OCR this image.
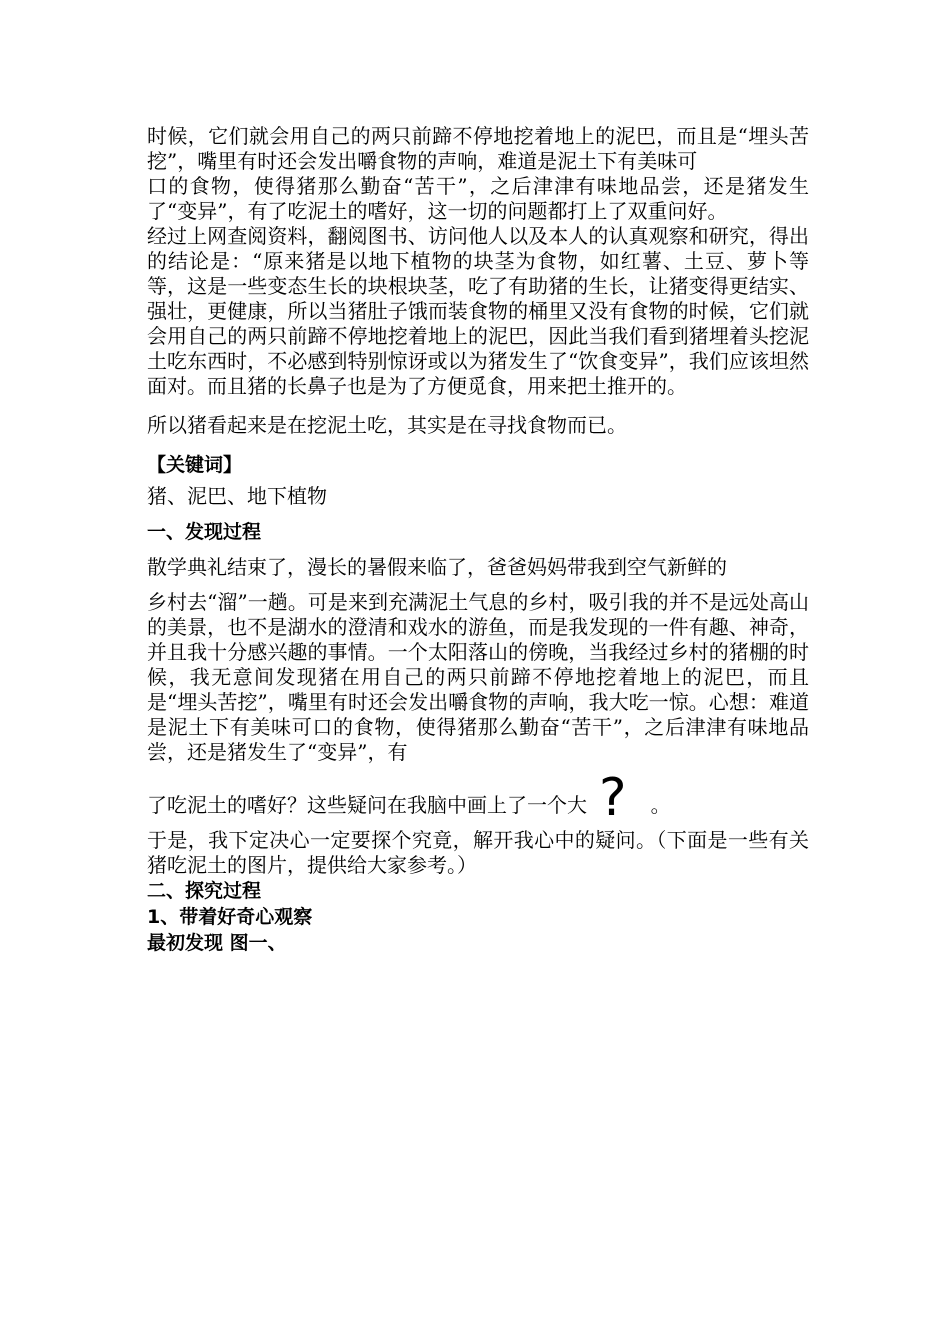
时候，它们就会用自己的两只前蹄不停地挖着地上的泥巴，而且是“埋头苦挖”，嘴里有时还会发出嚼食物的声响，难道是泥土下有美味可

口的食物，使得猪那么勤奋“苦干”，之后津津有味地品尝，还是猪发生了“变异”，有了吃泥土的嗜好，这一切的问题都打上了双重问好。

经过上网查阅资料，翻阅图书、访问他人以及本人的认真观察和研究，得出的结论是：“原来猪是以地下植物的块茎为食物，如红薯、土豆、萝卜等等，这是一些变态生长的块根块茎，吃了有助猪的生长，让猪变得更结实、强壮，更健康，所以当猪肚子饿而装食物的桶里又没有食物的时候，它们就会用自己的两只前蹄不停地挖着地上的泥巴，因此当我们看到猪埋着头挖泥土吃东西时，不必感到特别惊讶或以为猪发生了“饮食变异”，我们应该坦然面对。而且猪的长鼻子也是为了方便觅食，用来把土推开的。

所以猪看起来是在挖泥土吃，其实是在寻找食物而已。

【关键词】

猪、泥巴、地下植物

一、发现过程

散学典礼结束了，漫长的暑假来临了，爸爸妈妈带我到空气新鲜的

乡村去“溜”一趟。可是来到充满泥土气息的乡村，吸引我的并不是远处高山的美景，也不是湖水的澄清和戏水的游鱼，而是我发现的一件有趣、神奇，并且我十分感兴趣的事情。一个太阳落山的傍晚，当我经过乡村的猪棚的时候，我无意间发现猪在用自己的两只前蹄不停地挖着地上的泥巴，而且是“埋头苦挖”，嘴里有时还会发出嚼食物的声响，我大吃一惊。心想：难道是泥土下有美味可口的食物，使得猪那么勤奋“苦干”，之后津津有味地品尝，还是猪发生了“变异”，有

了吃泥土的嗜好？这些疑问在我脑中画上了一个大 ? 。

于是，我下定决心一定要探个究竟，解开我心中的疑问。（下面是一些有关猪吃泥土的图片，提供给大家参考。）

二、探究过程

1、带着好奇心观察

最初发现 图一、
